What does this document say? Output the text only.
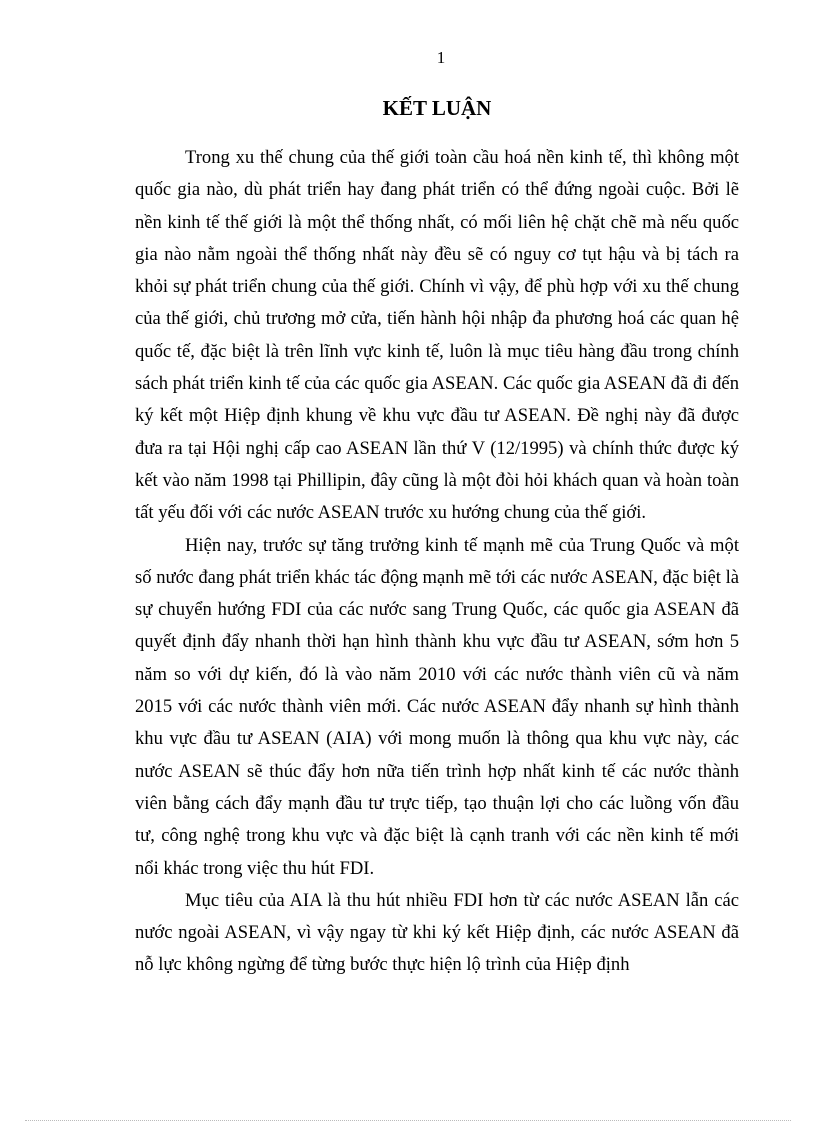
1
KẾT LUẬN

Trong xu thế chung của thế giới toàn cầu hoá nền kinh tế, thì không một quốc gia nào, dù phát triển hay đang phát triển có thể đứng ngoài cuộc. Bởi lẽ nền kinh tế thế giới là một thể thống nhất, có mối liên hệ chặt chẽ mà nếu quốc gia nào nằm ngoài thể thống nhất này đều sẽ có nguy cơ tụt hậu và bị tách ra khỏi sự phát triển chung của thế giới. Chính vì vậy, để phù hợp với xu thế chung của thế giới, chủ trương mở cửa, tiến hành hội nhập đa phương hoá các quan hệ quốc tế, đặc biệt là trên lĩnh vực kinh tế, luôn là mục tiêu hàng đầu trong chính sách phát triển kinh tế của các quốc gia ASEAN. Các quốc gia ASEAN đã đi đến ký kết một Hiệp định khung về khu vực đầu tư ASEAN. Đề nghị này đã được đưa ra tại Hội nghị cấp cao ASEAN lần thứ V (12/1995) và chính thức được ký kết vào năm 1998 tại Phillipin, đây cũng là một đòi hỏi khách quan và hoàn toàn tất yếu đối với các nước ASEAN trước xu hướng chung của thế giới.

Hiện nay, trước sự tăng trưởng kinh tế mạnh mẽ của Trung Quốc và một số nước đang phát triển khác tác động mạnh mẽ tới các nước ASEAN, đặc biệt là sự chuyển hướng FDI của các nước sang Trung Quốc, các quốc gia ASEAN đã quyết định đẩy nhanh thời hạn hình thành khu vực đầu tư ASEAN, sớm hơn 5 năm so với dự kiến, đó là vào năm 2010 với các nước thành viên cũ và năm 2015 với các nước thành viên mới. Các nước ASEAN đẩy nhanh sự hình thành khu vực đầu tư ASEAN (AIA) với mong muốn là thông qua khu vực này, các nước ASEAN sẽ thúc đẩy hơn nữa tiến trình hợp nhất kinh tế các nước thành viên bằng cách đẩy mạnh đầu tư trực tiếp, tạo thuận lợi cho các luồng vốn đầu tư, công nghệ trong khu vực và đặc biệt là cạnh tranh với các nền kinh tế mới nổi khác trong việc thu hút FDI.

Mục tiêu của AIA là thu hút nhiều FDI hơn từ các nước ASEAN lẫn các nước ngoài ASEAN, vì vậy ngay từ khi ký kết Hiệp định, các nước ASEAN đã nỗ lực không ngừng để từng bước thực hiện lộ trình của Hiệp định
